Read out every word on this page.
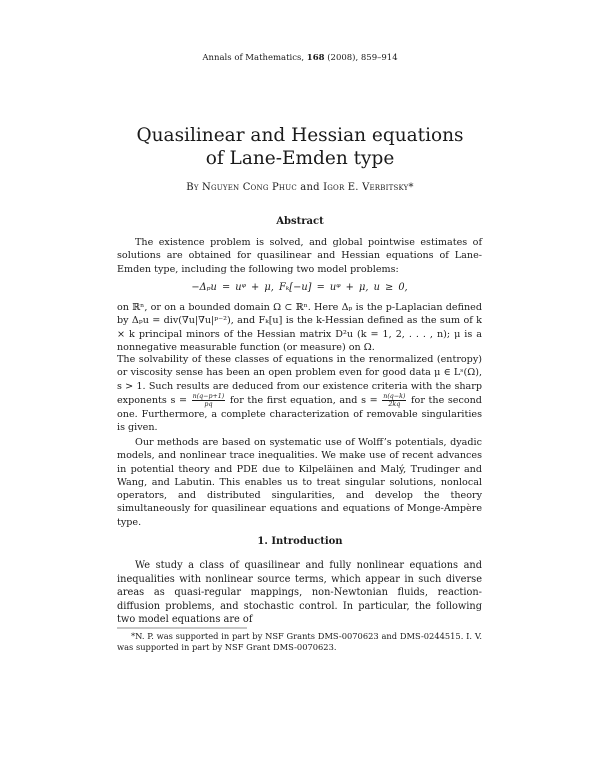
Annals of Mathematics, 168 (2008), 859–914
Quasilinear and Hessian equations
of Lane-Emden type
By Nguyen Cong Phuc and Igor E. Verbitsky*
Abstract
The existence problem is solved, and global pointwise estimates of solutions are obtained for quasilinear and Hessian equations of Lane-Emden type, including the following two model problems:
−Δₚu = uᵠ + μ, Fₖ[−u] = uᵠ + μ, u ≥ 0,
on ℝⁿ, or on a bounded domain Ω ⊂ ℝⁿ. Here Δₚ is the p-Laplacian defined by Δₚu = div(∇u|∇u|ᵖ⁻²), and Fₖ[u] is the k-Hessian defined as the sum of k × k principal minors of the Hessian matrix D²u (k = 1, 2, . . . , n); μ is a nonnegative measurable function (or measure) on Ω.
The solvability of these classes of equations in the renormalized (entropy) or viscosity sense has been an open problem even for good data μ ∈ Lˢ(Ω), s > 1. Such results are deduced from our existence criteria with the sharp exponents $s = \frac{n(q-p+1)}{pq}$ for the first equation, and $s = \frac{n(q-k)}{2kq}$ for the second one. Furthermore, a complete characterization of removable singularities is given.
Our methods are based on systematic use of Wolff’s potentials, dyadic models, and nonlinear trace inequalities. We make use of recent advances in potential theory and PDE due to Kilpeläinen and Malý, Trudinger and Wang, and Labutin. This enables us to treat singular solutions, nonlocal operators, and distributed singularities, and develop the theory simultaneously for quasilinear equations and equations of Monge-Ampère type.
1. Introduction
We study a class of quasilinear and fully nonlinear equations and inequalities with nonlinear source terms, which appear in such diverse areas as quasi-regular mappings, non-Newtonian fluids, reaction-diffusion problems, and stochastic control. In particular, the following two model equations are of
*N. P. was supported in part by NSF Grants DMS-0070623 and DMS-0244515. I. V. was supported in part by NSF Grant DMS-0070623.
